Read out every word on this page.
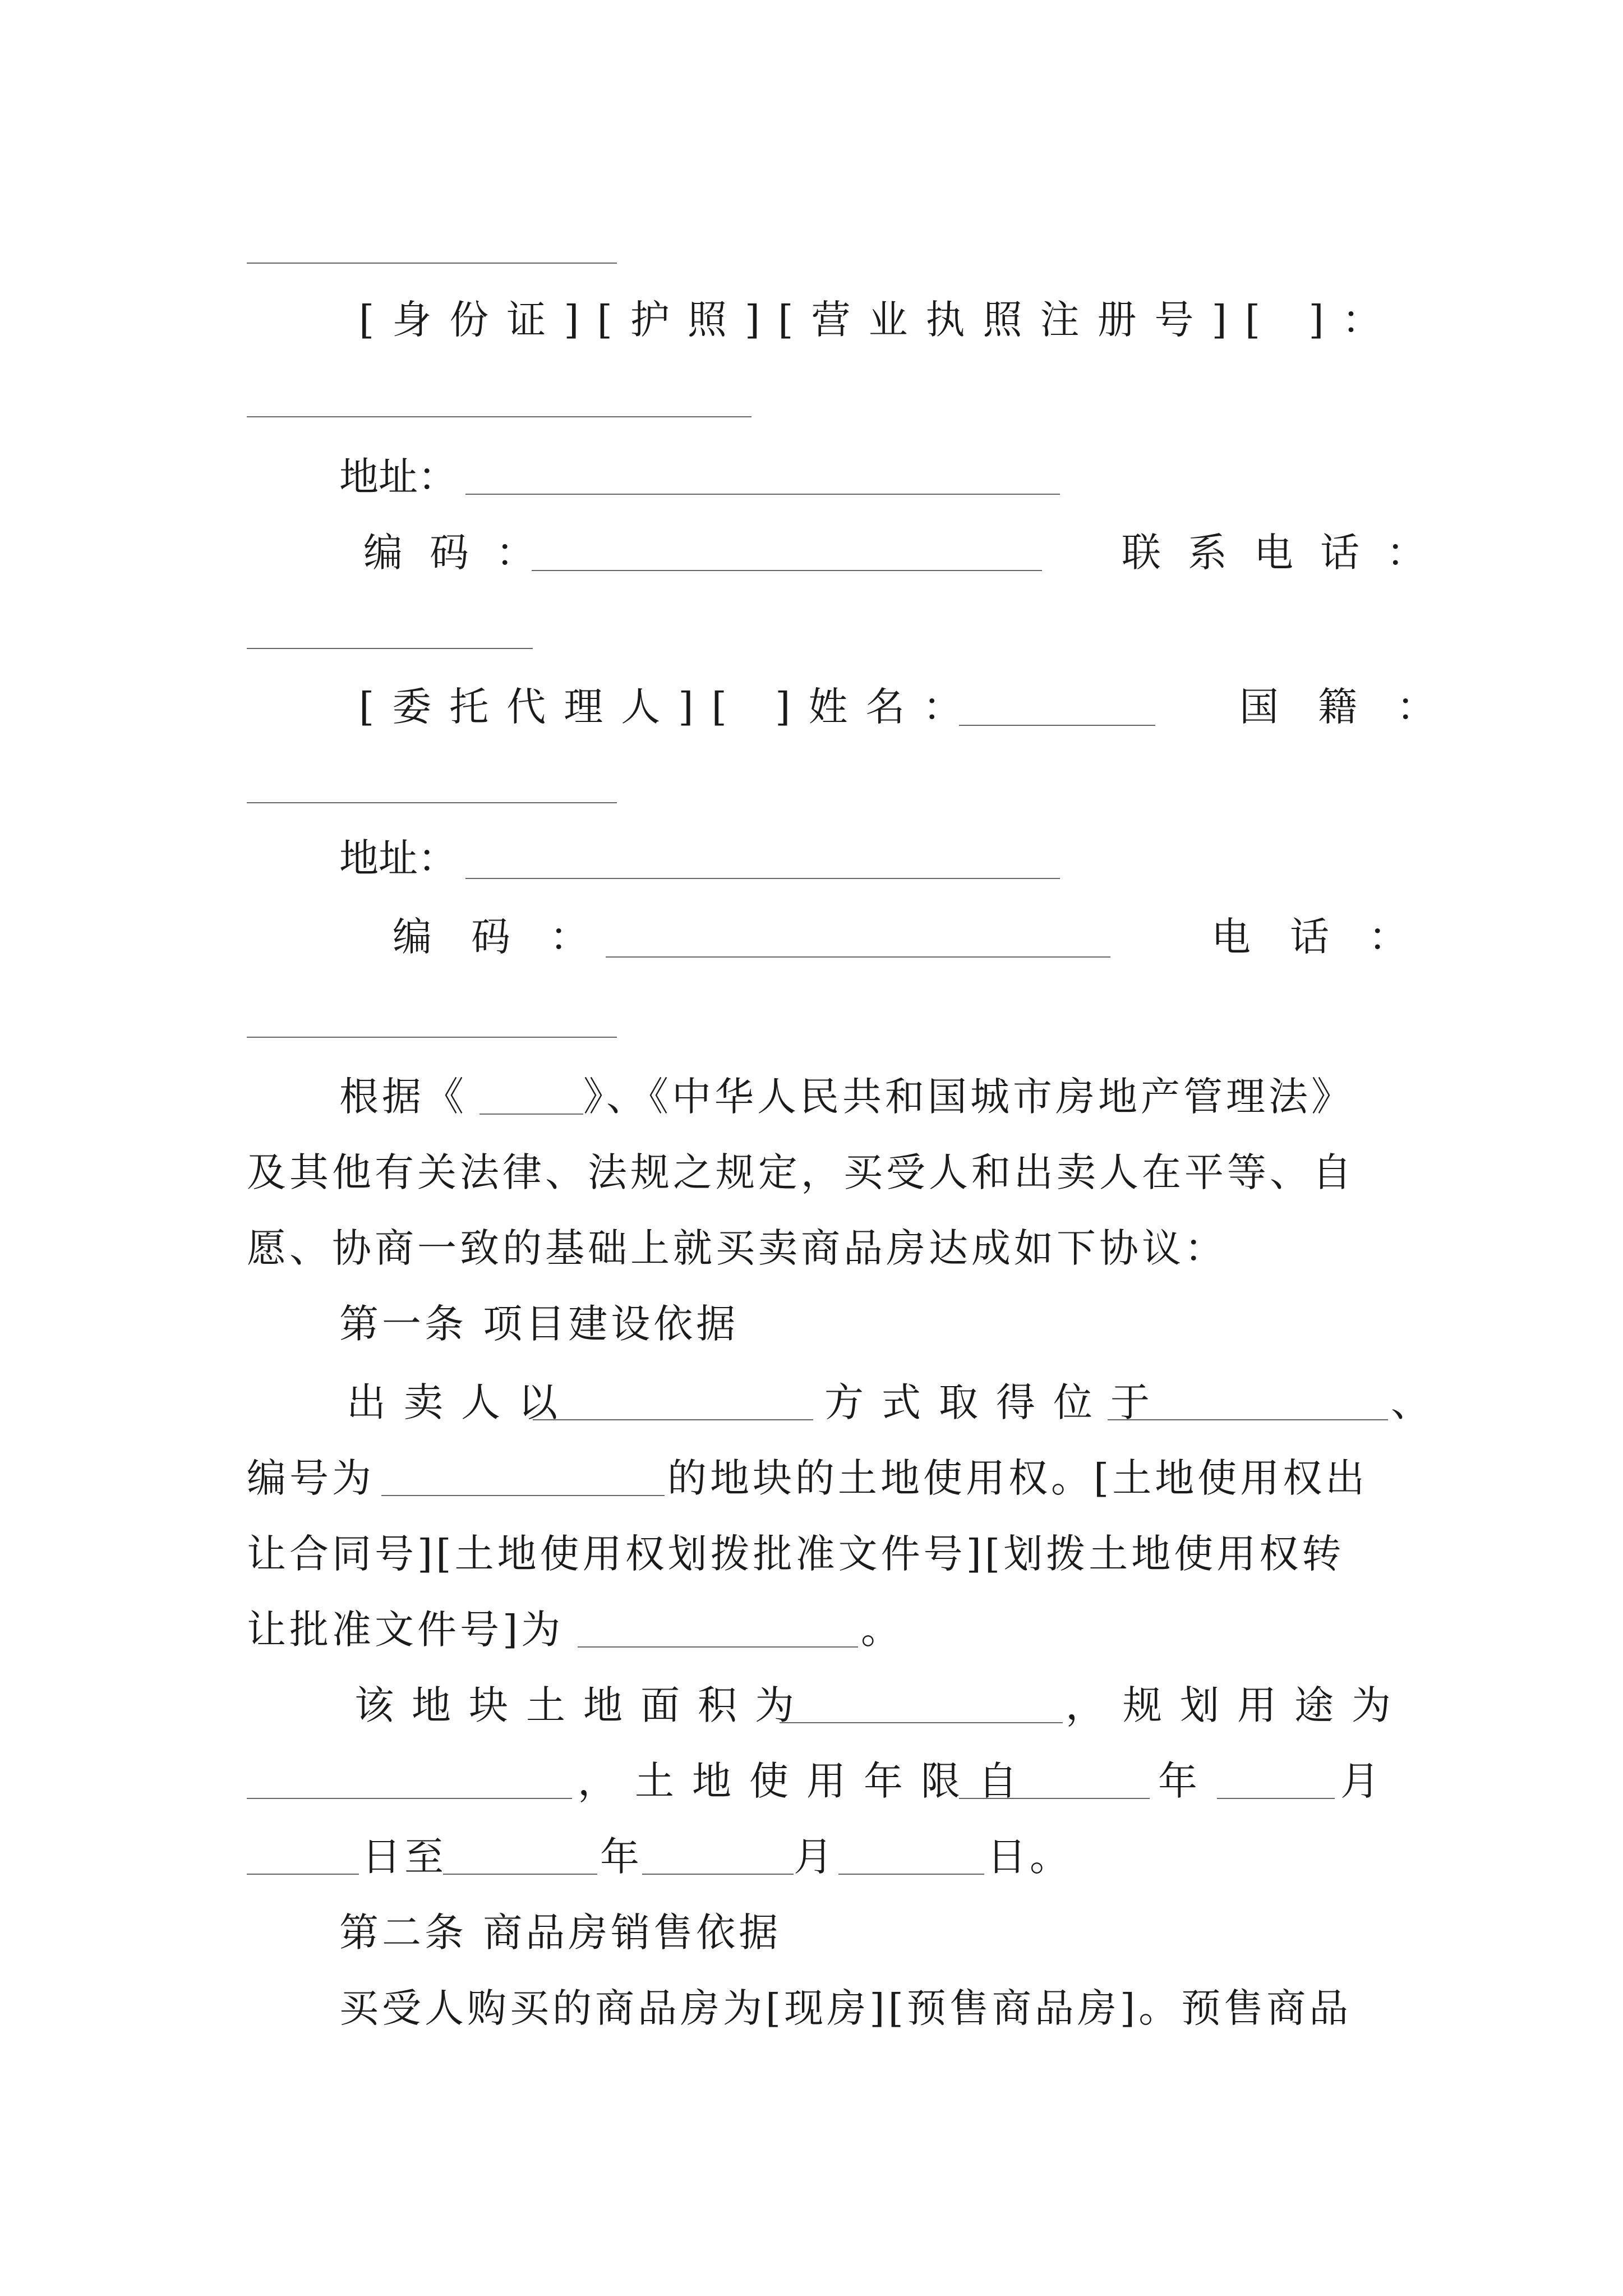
[身份证][护照][营业执照注册号][ ]：
地址：
编码：	联系电话：
[委托代理人][ ]姓名：	国籍：
地址：
编码：	电话：
根据《	》、《中华人民共和国城市房地产管理法》
及其他有关法律、法规之规定，买受人和出卖人在平等、自
愿、协商一致的基础上就买卖商品房达成如下协议：
第一条 项目建设依据
出卖人以	方式取得位于	、
编号为	的地块的土地使用权。[土地使用权出
让合同号][土地使用权划拨批准文件号][划拨土地使用权转
让批准文件号]为	。
该地块土地面积为	，规划用途为
，土地使用年限自	年	月
日至	年	月	日。
第二条 商品房销售依据
买受人购买的商品房为[现房][预售商品房]。预售商品
